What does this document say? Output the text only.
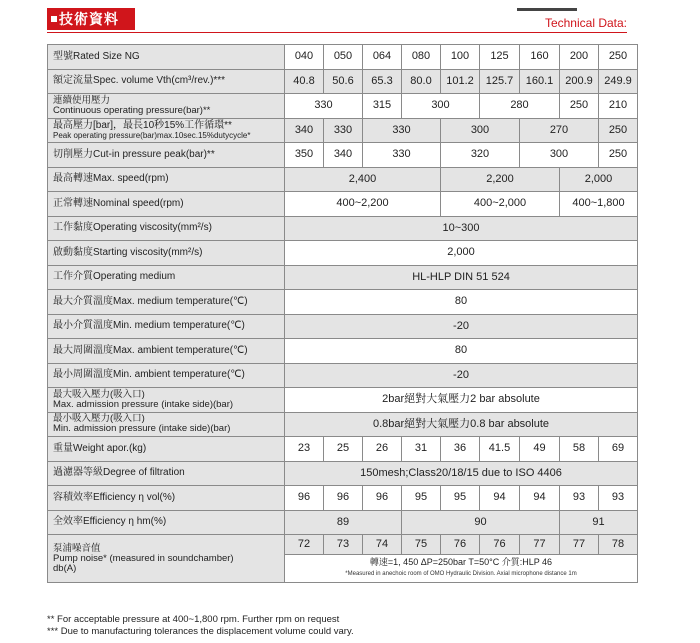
技術資料	Technical Data:
型號Rated Size NG	040	050	064	080	100	125	160	200	250

額定流量Spec. volume Vth(cm³/rev.)***	40.8	50.6	65.3	80.0	101.2	125.7	160.1	200.9	249.9

連續使用壓力
Continuous operating pressure(bar)**	330		315	300		280		250	210

最高壓力[bar]，最長10秒15%工作循環**
Peak operating pressure(bar)max.10sec.15%dutycycle*	340	330	330		300		270		250

切削壓力Cut-in pressure peak(bar)**	350	340	330		320		300		250

最高轉速Max. speed(rpm)	2,400				2,200			2,000	

正常轉速Nominal speed(rpm)	400~2,200				400~2,000			400~1,800	

工作黏度Operating viscosity(mm²/s)	10~300								

啟動黏度Starting viscosity(mm²/s)	2,000								

工作介質Operating medium	HL-HLP DIN 51 524								

最大介質溫度Max. medium temperature(℃)	80								

最小介質溫度Min. medium temperature(℃)	-20								

最大周圍溫度Max. ambient temperature(℃)	80								

最小周圍溫度Min. ambient temperature(℃)	-20								

最大吸入壓力(吸入口)
Max. admission pressure (intake side)(bar)	2bar絕對大氣壓力2 bar absolute								

最小吸入壓力(吸入口)
Min. admission pressure (intake side)(bar)	0.8bar絕對大氣壓力0.8 bar absolute								

重量Weight apor.(kg)	23	25	26	31	36	41.5	49	58	69

過濾器等級Degree of filtration	150mesh;Class20/18/15 due to ISO 4406								

容積效率Efficiency η vol(%)	96	96	96	95	95	94	94	93	93

全效率Efficiency η hm(%)	89			90				91	

泵浦噪音值
Pump noise* (measured in soundchamber)
db(A)	72	73	74	75	76	76	77	77	78

	轉速=1, 450 ΔP=250bar T=50°C 介質:HLP 46
*Measured in anechoic room of OMO Hydraulic Division. Axial microphone distance 1m								
** For acceptable pressure at 400~1,800 rpm. Further rpm on request
*** Due to manufacturing tolerances the displacement volume could vary.
